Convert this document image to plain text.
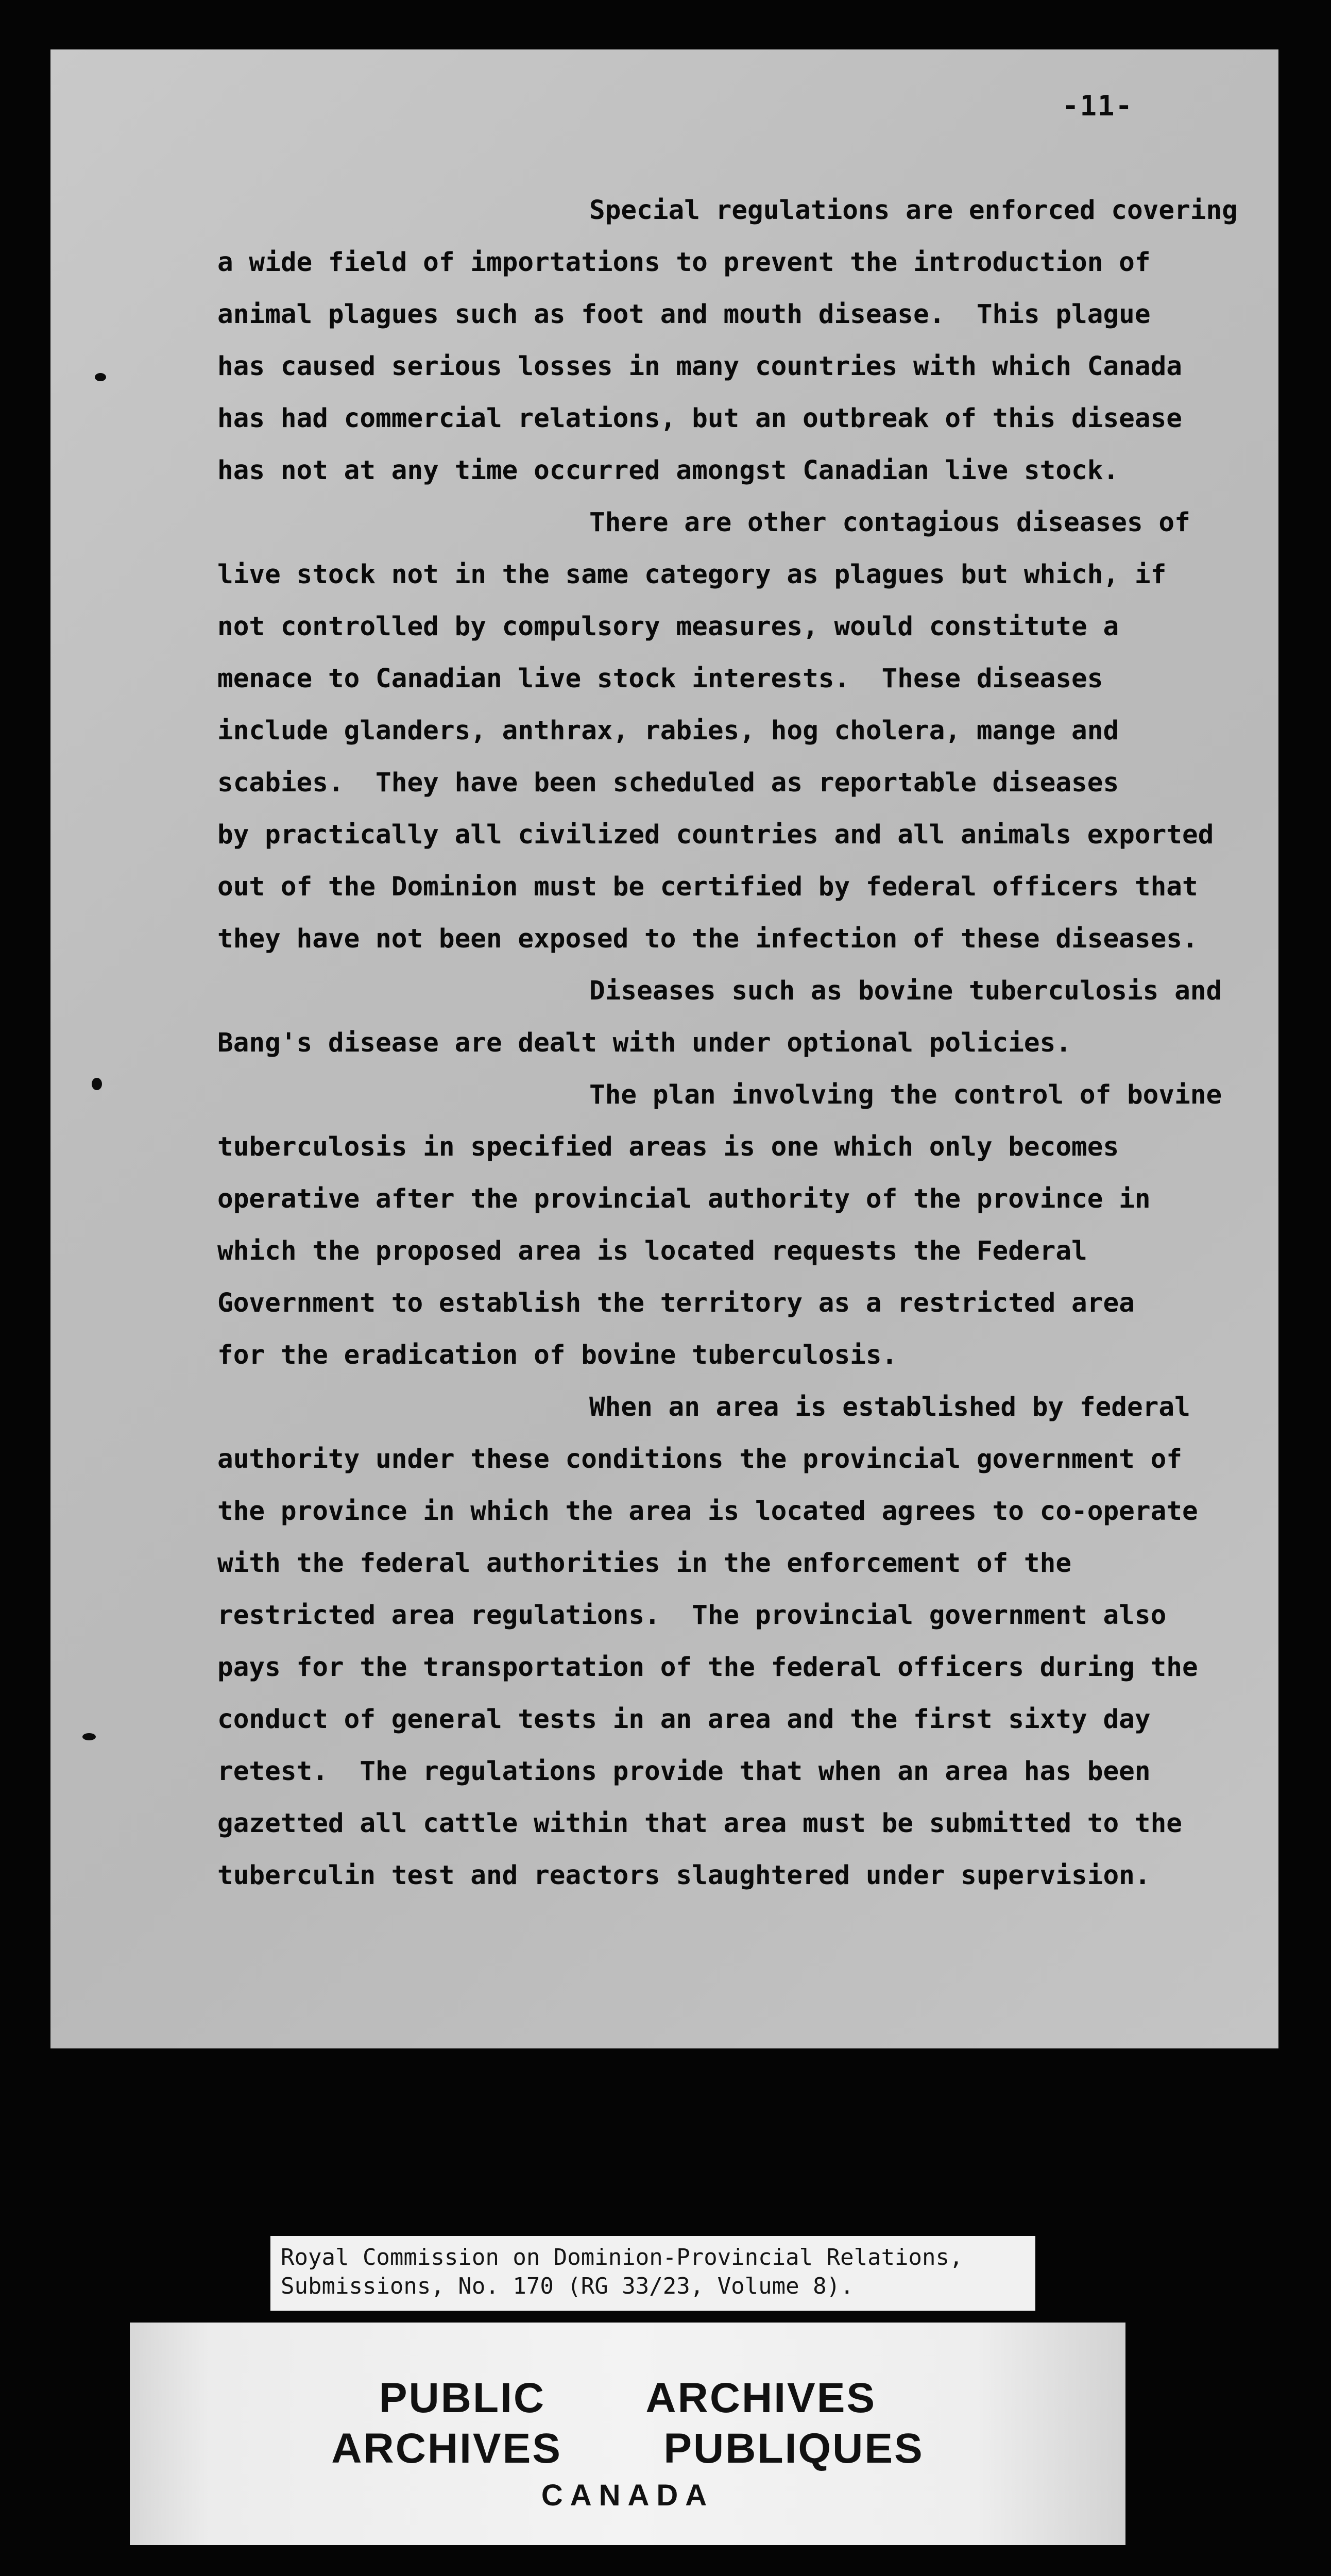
-11-
Special regulations are enforced covering
a wide field of importations to prevent the introduction of
animal plagues such as foot and mouth disease.  This plague
has caused serious losses in many countries with which Canada
has had commercial relations, but an outbreak of this disease
has not at any time occurred amongst Canadian live stock.
There are other contagious diseases of
live stock not in the same category as plagues but which, if
not controlled by compulsory measures, would constitute a
menace to Canadian live stock interests.  These diseases
include glanders, anthrax, rabies, hog cholera, mange and
scabies.  They have been scheduled as reportable diseases
by practically all civilized countries and all animals exported
out of the Dominion must be certified by federal officers that
they have not been exposed to the infection of these diseases.
Diseases such as bovine tuberculosis and
Bang's disease are dealt with under optional policies.
The plan involving the control of bovine
tuberculosis in specified areas is one which only becomes
operative after the provincial authority of the province in
which the proposed area is located requests the Federal
Government to establish the territory as a restricted area
for the eradication of bovine tuberculosis.
When an area is established by federal
authority under these conditions the provincial government of
the province in which the area is located agrees to co-operate
with the federal authorities in the enforcement of the
restricted area regulations.  The provincial government also
pays for the transportation of the federal officers during the
conduct of general tests in an area and the first sixty day
retest.  The regulations provide that when an area has been
gazetted all cattle within that area must be submitted to the
tuberculin test and reactors slaughtered under supervision.
Royal Commission on Dominion-Provincial Relations,
Submissions, No. 170 (RG 33/23, Volume 8).
PUBLIC   ARCHIVES
ARCHIVES   PUBLIQUES
CANADA
